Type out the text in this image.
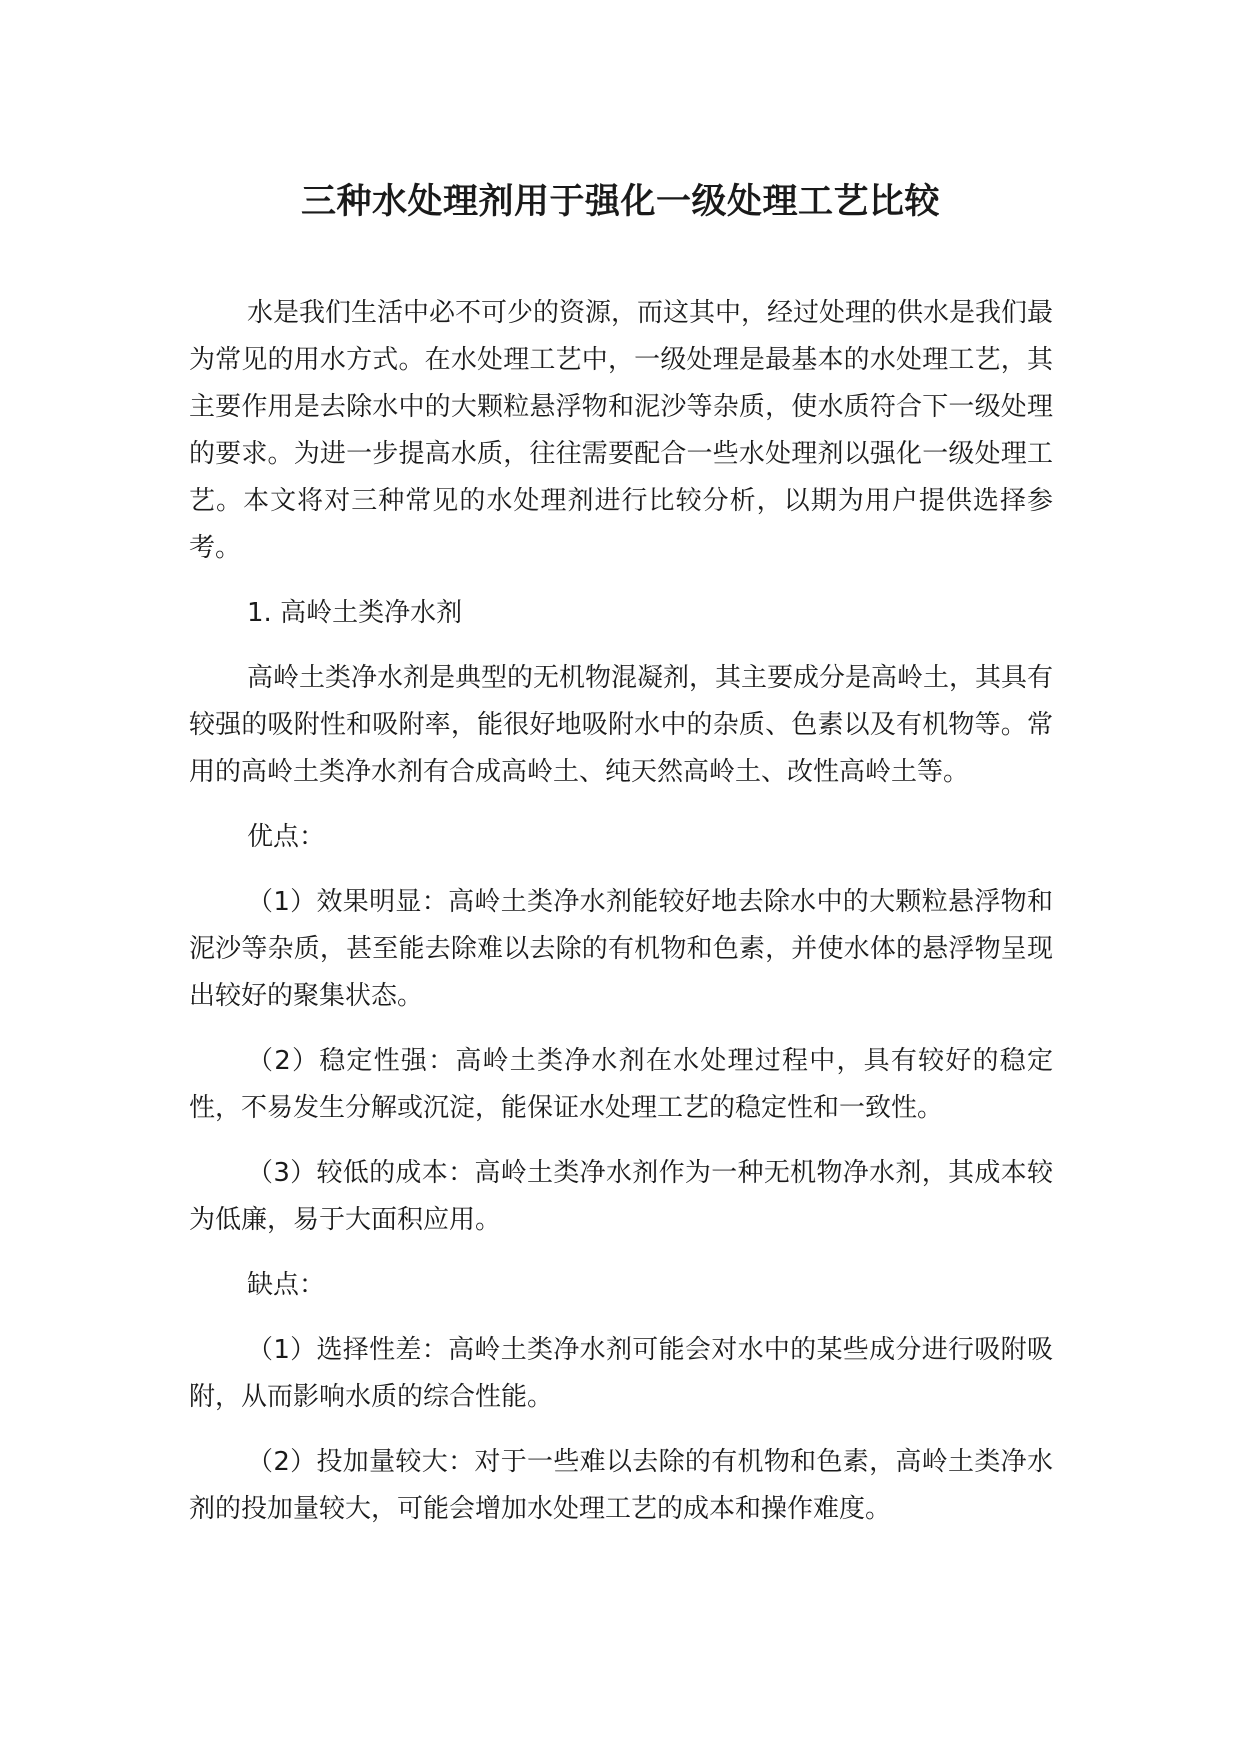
三种水处理剂用于强化一级处理工艺比较

水是我们生活中必不可少的资源，而这其中，经过处理的供水是我们最为常见的用水方式。在水处理工艺中，一级处理是最基本的水处理工艺，其主要作用是去除水中的大颗粒悬浮物和泥沙等杂质，使水质符合下一级处理的要求。为进一步提高水质，往往需要配合一些水处理剂以强化一级处理工艺。本文将对三种常见的水处理剂进行比较分析，以期为用户提供选择参考。

1. 高岭土类净水剂

高岭土类净水剂是典型的无机物混凝剂，其主要成分是高岭土，其具有较强的吸附性和吸附率，能很好地吸附水中的杂质、色素以及有机物等。常用的高岭土类净水剂有合成高岭土、纯天然高岭土、改性高岭土等。

优点：

（1）效果明显：高岭土类净水剂能较好地去除水中的大颗粒悬浮物和泥沙等杂质，甚至能去除难以去除的有机物和色素，并使水体的悬浮物呈现出较好的聚集状态。

（2）稳定性强：高岭土类净水剂在水处理过程中，具有较好的稳定性，不易发生分解或沉淀，能保证水处理工艺的稳定性和一致性。

（3）较低的成本：高岭土类净水剂作为一种无机物净水剂，其成本较为低廉，易于大面积应用。

缺点：

（1）选择性差：高岭土类净水剂可能会对水中的某些成分进行吸附吸附，从而影响水质的综合性能。

（2）投加量较大：对于一些难以去除的有机物和色素，高岭土类净水剂的投加量较大，可能会增加水处理工艺的成本和操作难度。
